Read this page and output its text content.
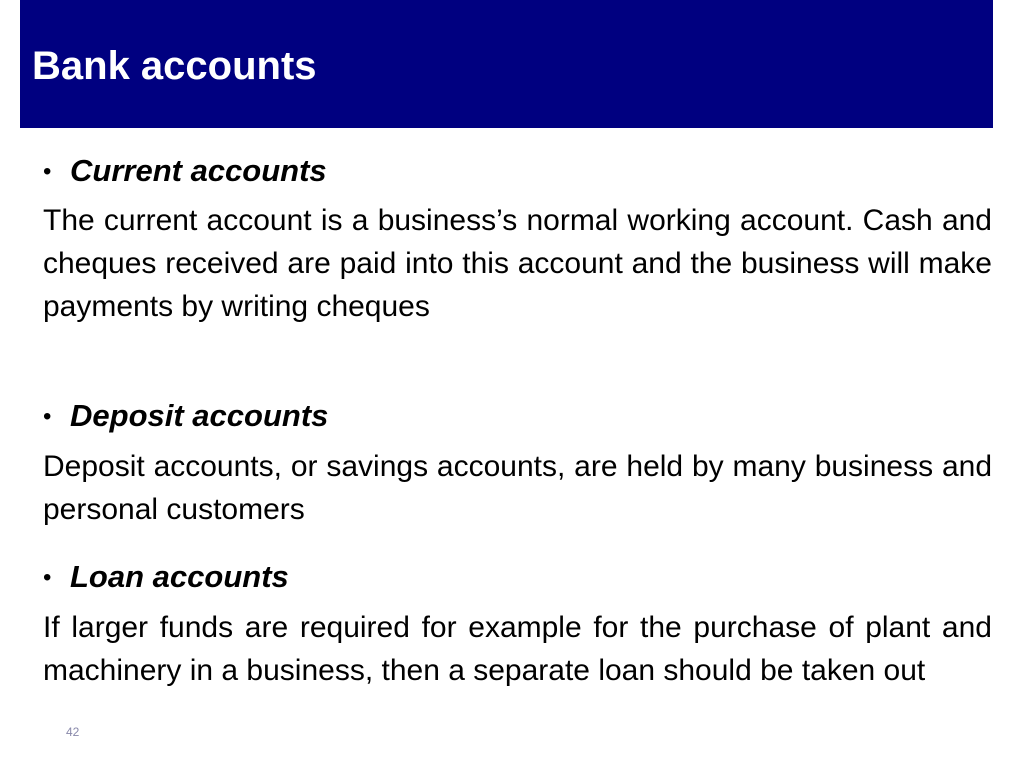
Bank accounts
• Current accounts

The current account is a business’s normal working account. Cash and cheques received are paid into this account and the business will make payments by writing cheques

• Deposit accounts

Deposit accounts, or savings accounts, are held by many business and personal customers

• Loan accounts

If larger funds are required for example for the purchase of plant and machinery in a business, then a separate loan should be taken out

42
